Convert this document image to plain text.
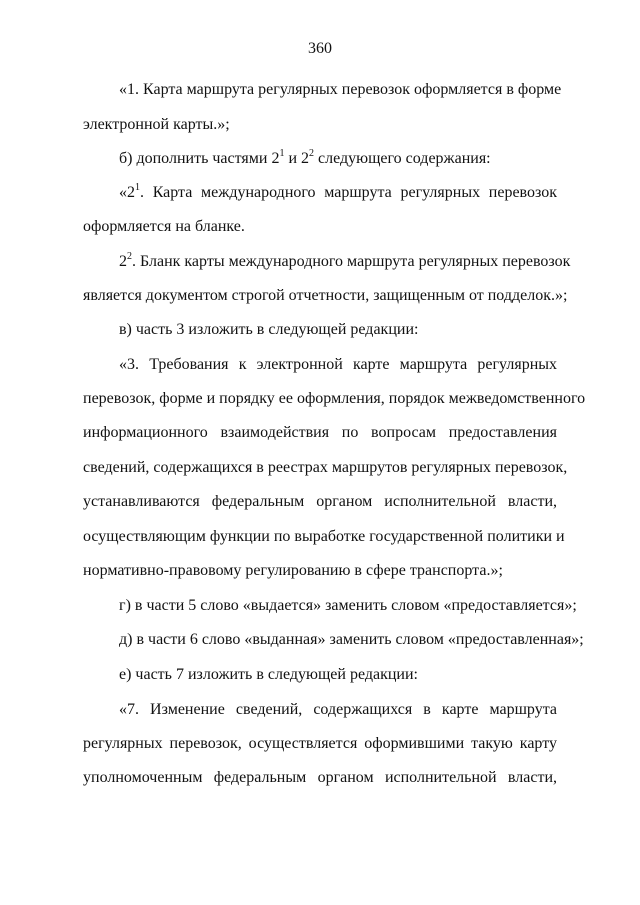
360
«1. Карта маршрута регулярных перевозок оформляется в форме
электронной карты.»;
б) дополнить частями $2^1$ и $2^2$ следующего содержания:
«$2^1$. Карта международного маршрута регулярных перевозок
оформляется на бланке.
$2^2$. Бланк карты международного маршрута регулярных перевозок
является документом строгой отчетности, защищенным от подделок.»;
в) часть 3 изложить в следующей редакции:
«3. Требования к электронной карте маршрута регулярных
перевозок, форме и порядку ее оформления, порядок межведомственного
информационного взаимодействия по вопросам предоставления
сведений, содержащихся в реестрах маршрутов регулярных перевозок,
устанавливаются федеральным органом исполнительной власти,
осуществляющим функции по выработке государственной политики и
нормативно-правовому регулированию в сфере транспорта.»;
г) в части 5 слово «выдается» заменить словом «предоставляется»;
д) в части 6 слово «выданная» заменить словом «предоставленная»;
е) часть 7 изложить в следующей редакции:
«7. Изменение сведений, содержащихся в карте маршрута
регулярных перевозок, осуществляется оформившими такую карту
уполномоченным федеральным органом исполнительной власти,
